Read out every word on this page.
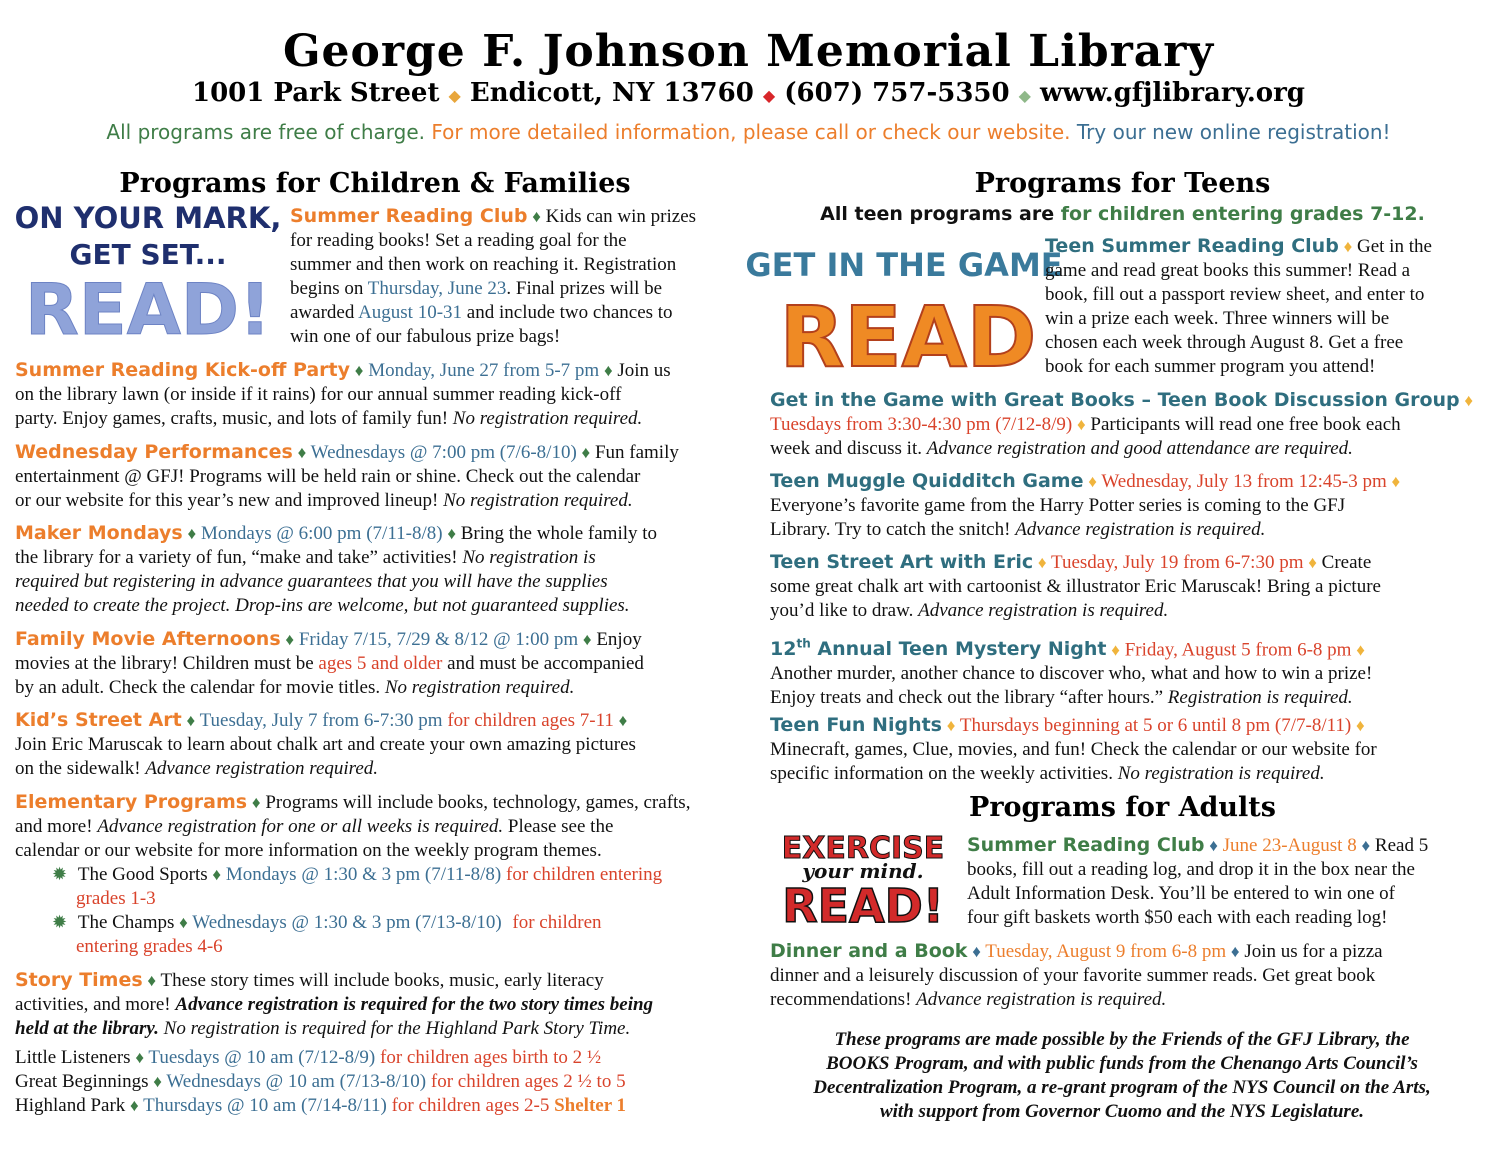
George F. Johnson Memorial Library
1001 Park Street ◆ Endicott, NY 13760 ◆ (607) 757-5350 ◆ www.gfjlibrary.org
All programs are free of charge. For more detailed information, please call or check our website. Try our new online registration!
Programs for Children & Families
ON YOUR MARK,
GET SET...
READ!
Summer Reading Club ♦ Kids can win prizes
for reading books! Set a reading goal for the
summer and then work on reaching it. Registration
begins on Thursday, June 23. Final prizes will be
awarded August 10-31 and include two chances to
win one of our fabulous prize bags!
Summer Reading Kick-off Party ♦ Monday, June 27 from 5-7 pm ♦ Join us
on the library lawn (or inside if it rains) for our annual summer reading kick-off
party. Enjoy games, crafts, music, and lots of family fun! No registration required.
Wednesday Performances ♦ Wednesdays @ 7:00 pm (7/6-8/10) ♦ Fun family
entertainment @ GFJ! Programs will be held rain or shine. Check out the calendar
or our website for this year’s new and improved lineup! No registration required.
Maker Mondays ♦ Mondays @ 6:00 pm (7/11-8/8) ♦ Bring the whole family to
the library for a variety of fun, “make and take” activities! No registration is
required but registering in advance guarantees that you will have the supplies
needed to create the project. Drop-ins are welcome, but not guaranteed supplies.
Family Movie Afternoons ♦ Friday 7/15, 7/29 & 8/12 @ 1:00 pm ♦ Enjoy
movies at the library! Children must be ages 5 and older and must be accompanied
by an adult. Check the calendar for movie titles. No registration required.
Kid’s Street Art ♦ Tuesday, July 7 from 6-7:30 pm for children ages 7-11 ♦
Join Eric Maruscak to learn about chalk art and create your own amazing pictures
on the sidewalk! Advance registration required.
Elementary Programs ♦ Programs will include books, technology, games, crafts,
and more! Advance registration for one or all weeks is required. Please see the
calendar or our website for more information on the weekly program themes.
✹ The Good Sports ♦ Mondays @ 1:30 & 3 pm (7/11-8/8) for children entering
grades 1-3
✹ The Champs ♦ Wednesdays @ 1:30 & 3 pm (7/13-8/10) for children
entering grades 4-6
Story Times ♦ These story times will include books, music, early literacy
activities, and more! Advance registration is required for the two story times being
held at the library. No registration is required for the Highland Park Story Time.
Little Listeners ♦ Tuesdays @ 10 am (7/12-8/9) for children ages birth to 2 ½
Great Beginnings ♦ Wednesdays @ 10 am (7/13-8/10) for children ages 2 ½ to 5
Highland Park ♦ Thursdays @ 10 am (7/14-8/11) for children ages 2-5 Shelter 1
Programs for Teens
All teen programs are for children entering grades 7-12.
GET IN THE GAME
READ
Teen Summer Reading Club ♦ Get in the
game and read great books this summer! Read a
book, fill out a passport review sheet, and enter to
win a prize each week. Three winners will be
chosen each week through August 8. Get a free
book for each summer program you attend!
Get in the Game with Great Books – Teen Book Discussion Group ♦
Tuesdays from 3:30-4:30 pm (7/12-8/9) ♦ Participants will read one free book each
week and discuss it. Advance registration and good attendance are required.
Teen Muggle Quidditch Game ♦ Wednesday, July 13 from 12:45-3 pm ♦
Everyone’s favorite game from the Harry Potter series is coming to the GFJ
Library. Try to catch the snitch! Advance registration is required.
Teen Street Art with Eric ♦ Tuesday, July 19 from 6-7:30 pm ♦ Create
some great chalk art with cartoonist & illustrator Eric Maruscak! Bring a picture
you’d like to draw. Advance registration is required.
12th Annual Teen Mystery Night ♦ Friday, August 5 from 6-8 pm ♦
Another murder, another chance to discover who, what and how to win a prize!
Enjoy treats and check out the library “after hours.” Registration is required.
Teen Fun Nights ♦ Thursdays beginning at 5 or 6 until 8 pm (7/7-8/11) ♦
Minecraft, games, Clue, movies, and fun! Check the calendar or our website for
specific information on the weekly activities. No registration is required.
Programs for Adults
EXERCISE
your mind.
READ!
Summer Reading Club ♦ June 23-August 8 ♦ Read 5
books, fill out a reading log, and drop it in the box near the
Adult Information Desk. You’ll be entered to win one of
four gift baskets worth $50 each with each reading log!
Dinner and a Book ♦ Tuesday, August 9 from 6-8 pm ♦ Join us for a pizza
dinner and a leisurely discussion of your favorite summer reads. Get great book
recommendations! Advance registration is required.
These programs are made possible by the Friends of the GFJ Library, the
BOOKS Program, and with public funds from the Chenango Arts Council’s
Decentralization Program, a re-grant program of the NYS Council on the Arts,
with support from Governor Cuomo and the NYS Legislature.
